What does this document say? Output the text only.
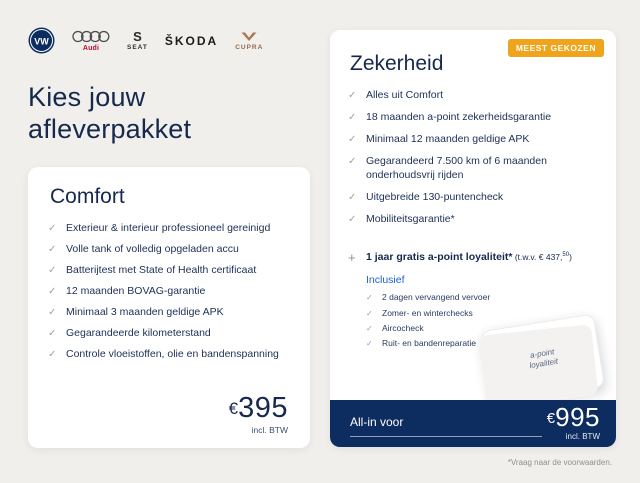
VW
Audi
S
SEAT ŠKODA	CUPRA
Kies jouw
afleverpakket
Comfort
✓ Exterieur & interieur professioneel gereinigd
✓ Volle tank of volledig opgeladen accu
✓ Batterijtest met State of Health certificaat
✓ 12 maanden BOVAG-garantie
✓ Minimaal 3 maanden geldige APK
✓ Gegarandeerde kilometerstand
✓ Controle vloeistoffen, olie en bandenspanning
€395
incl. BTW
MEEST GEKOZEN
Zekerheid
✓ Alles uit Comfort
✓ 18 maanden a-point zekerheidsgarantie
✓ Minimaal 12 maanden geldige APK
✓ Gegarandeerd 7.500 km of 6 maanden onderhoudsvrij rijden
✓ Uitgebreide 130-puntencheck
✓ Mobiliteitsgarantie*
+ 1 jaar gratis a-point loyaliteit* (t.w.v. € 437,50)
Inclusief
✓ 2 dagen vervangend vervoer
✓ Zomer- en winterchecks
✓ Aircocheck
✓ Ruit- en bandenreparatie
a-point
loyaliteit
All-in voor	€995
incl. BTW
*Vraag naar de voorwaarden.
